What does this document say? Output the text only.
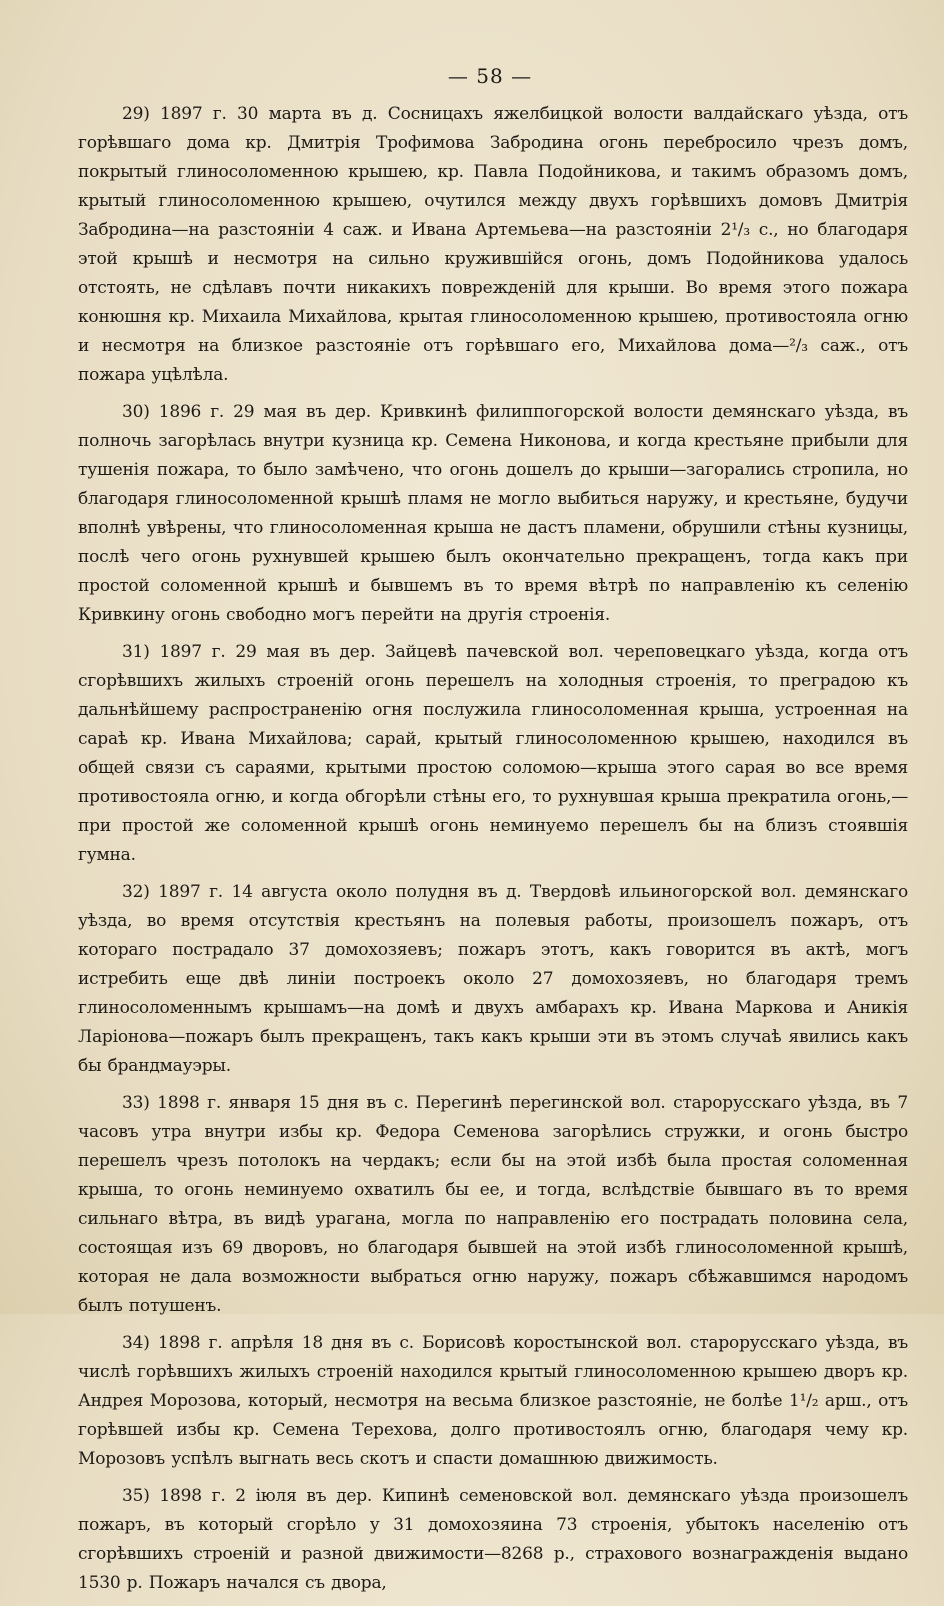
— 58 —

29) 1897 г. 30 марта въ д. Сосницахъ яжелбицкой волости валдайскаго уѣзда, отъ горѣвшаго дома кр. Дмитрія Трофимова Забродина огонь перебросило чрезъ домъ, покрытый глиносоломенною крышею, кр. Павла Подойникова, и такимъ образомъ домъ, крытый глиносоломенною крышею, очутился между двухъ горѣвшихъ домовъ Дмитрія Забродина—на разстояніи 4 саж. и Ивана Артемьева—на разстояніи 2¹/₃ с., но благодаря этой крышѣ и несмотря на сильно кружившійся огонь, домъ Подойникова удалось отстоять, не сдѣлавъ почти никакихъ поврежденій для крыши. Во время этого пожара конюшня кр. Михаила Михайлова, крытая глиносоломенною крышею, противостояла огню и несмотря на близкое разстояніе отъ горѣвшаго его, Михайлова дома—²/₃ саж., отъ пожара уцѣлѣла.

30) 1896 г. 29 мая въ дер. Кривкинѣ филиппогорской волости демянскаго уѣзда, въ полночь загорѣлась внутри кузница кр. Семена Никонова, и когда крестьяне прибыли для тушенія пожара, то было замѣчено, что огонь дошелъ до крыши—загорались стропила, но благодаря глиносоломенной крышѣ пламя не могло выбиться наружу, и крестьяне, будучи вполнѣ увѣрены, что глиносоломенная крыша не дастъ пламени, обрушили стѣны кузницы, послѣ чего огонь рухнувшей крышею былъ окончательно прекращенъ, тогда какъ при простой соломенной крышѣ и бывшемъ въ то время вѣтрѣ по направленію къ селенію Кривкину огонь свободно могъ перейти на другія строенія.

31) 1897 г. 29 мая въ дер. Зайцевѣ пачевской вол. череповецкаго уѣзда, когда отъ сгорѣвшихъ жилыхъ строеній огонь перешелъ на холодныя строенія, то преградою къ дальнѣйшему распространенію огня послужила глиносоломенная крыша, устроенная на сараѣ кр. Ивана Михайлова; сарай, крытый глиносоломенною крышею, находился въ общей связи съ сараями, крытыми простою соломою—крыша этого сарая во все время противостояла огню, и когда обгорѣли стѣны его, то рухнувшая крыша прекратила огонь,—при простой же соломенной крышѣ огонь неминуемо перешелъ бы на близъ стоявшія гумна.

32) 1897 г. 14 августа около полудня въ д. Твердовѣ ильиногорской вол. демянскаго уѣзда, во время отсутствія крестьянъ на полевыя работы, произошелъ пожаръ, отъ котораго пострадало 37 домохозяевъ; пожаръ этотъ, какъ говорится въ актѣ, могъ истребить еще двѣ линіи построекъ около 27 домохозяевъ, но благодаря тремъ глиносоломеннымъ крышамъ—на домѣ и двухъ амбарахъ кр. Ивана Маркова и Аникія Ларіонова—пожаръ былъ прекращенъ, такъ какъ крыши эти въ этомъ случаѣ явились какъ бы брандмауэры.

33) 1898 г. января 15 дня въ с. Перегинѣ перегинской вол. старорусскаго уѣзда, въ 7 часовъ утра внутри избы кр. Федора Семенова загорѣлись стружки, и огонь быстро перешелъ чрезъ потолокъ на чердакъ; если бы на этой избѣ была простая соломенная крыша, то огонь неминуемо охватилъ бы ее, и тогда, вслѣдствіе бывшаго въ то время сильнаго вѣтра, въ видѣ урагана, могла по направленію его пострадать половина села, состоящая изъ 69 дворовъ, но благодаря бывшей на этой избѣ глиносоломенной крышѣ, которая не дала возможности выбраться огню наружу, пожаръ сбѣжавшимся народомъ былъ потушенъ.

34) 1898 г. апрѣля 18 дня въ с. Борисовѣ коростынской вол. старорусскаго уѣзда, въ числѣ горѣвшихъ жилыхъ строеній находился крытый глиносоломенною крышею дворъ кр. Андрея Морозова, который, несмотря на весьма близкое разстояніе, не болѣе 1¹/₂ арш., отъ горѣвшей избы кр. Семена Терехова, долго противостоялъ огню, благодаря чему кр. Морозовъ успѣлъ выгнать весь скотъ и спасти домашнюю движимость.

35) 1898 г. 2 іюля въ дер. Кипинѣ семеновской вол. демянскаго уѣзда произошелъ пожаръ, въ который сгорѣло у 31 домохозяина 73 строенія, убытокъ населенію отъ сгорѣвшихъ строеній и разной движимости—8268 р., страхового вознагражденія выдано 1530 р. Пожаръ начался съ двора,
